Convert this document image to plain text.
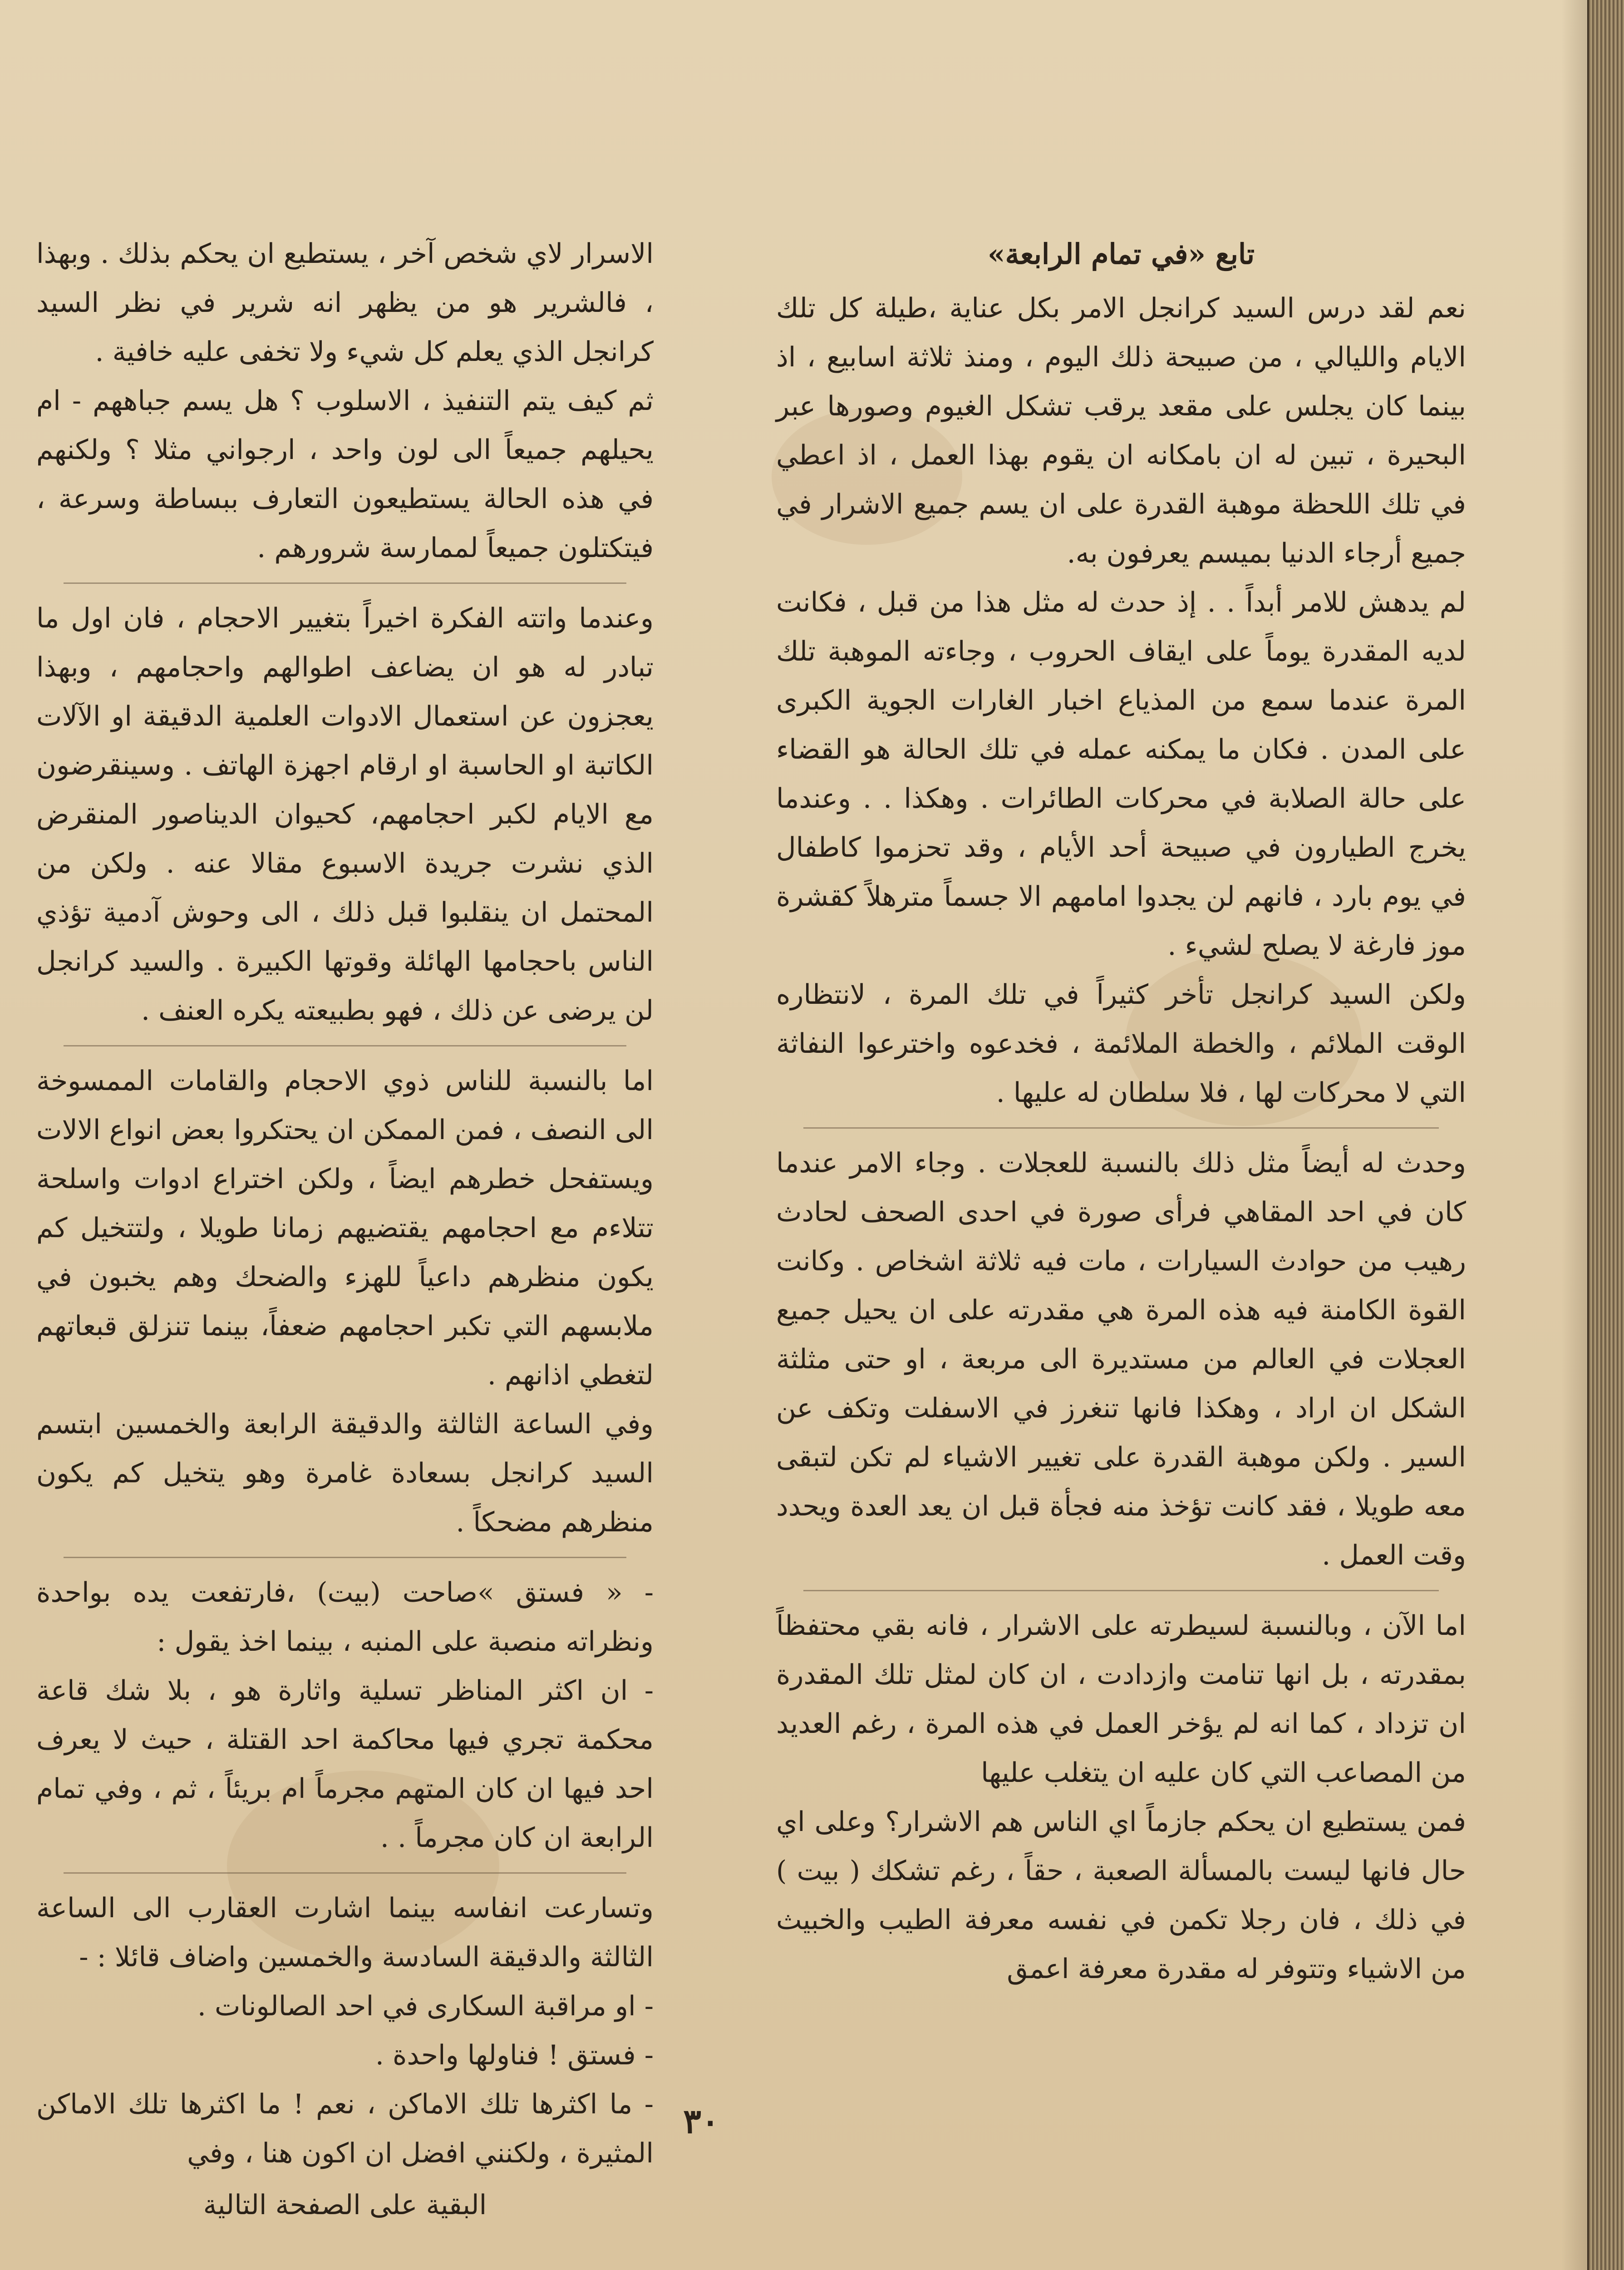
تابع «في تمام الرابعة»

نعم لقد درس السيد كرانجل الامر بكل عناية ،طيلة كل تلك الايام والليالي ، من صبيحة ذلك اليوم ، ومنذ ثلاثة اسابيع ، اذ بينما كان يجلس على مقعد يرقب تشكل الغيوم وصورها عبر البحيرة ، تبين له ان بامكانه ان يقوم بهذا العمل ، اذ اعطي في تلك اللحظة موهبة القدرة على ان يسم جميع الاشرار في جميع أرجاء الدنيا بميسم يعرفون به.

لم يدهش للامر أبداً . . إذ حدث له مثل هذا من قبل ، فكانت لديه المقدرة يوماً على ايقاف الحروب ، وجاءته الموهبة تلك المرة عندما سمع من المذياع اخبار الغارات الجوية الكبرى على المدن . فكان ما يمكنه عمله في تلك الحالة هو القضاء على حالة الصلابة في محركات الطائرات . وهكذا . . وعندما يخرج الطيارون في صبيحة أحد الأيام ، وقد تحزموا كاطفال في يوم بارد ، فانهم لن يجدوا امامهم الا جسماً مترهلاً كقشرة موز فارغة لا يصلح لشيء .

ولكن السيد كرانجل تأخر كثيراً في تلك المرة ، لانتظاره الوقت الملائم ، والخطة الملائمة ، فخدعوه واخترعوا النفاثة التي لا محركات لها ، فلا سلطان له عليها .

وحدث له أيضاً مثل ذلك بالنسبة للعجلات . وجاء الامر عندما كان في احد المقاهي فرأى صورة في احدى الصحف لحادث رهيب من حوادث السيارات ، مات فيه ثلاثة اشخاص . وكانت القوة الكامنة فيه هذه المرة هي مقدرته على ان يحيل جميع العجلات في العالم من مستديرة الى مربعة ، او حتى مثلثة الشكل ان اراد ، وهكذا فانها تنغرز في الاسفلت وتكف عن السير . ولكن موهبة القدرة على تغيير الاشياء لم تكن لتبقى معه طويلا ، فقد كانت تؤخذ منه فجأة قبل ان يعد العدة ويحدد وقت العمل .

اما الآن ، وبالنسبة لسيطرته على الاشرار ، فانه بقي محتفظاً بمقدرته ، بل انها تنامت وازدادت ، ان كان لمثل تلك المقدرة ان تزداد ، كما انه لم يؤخر العمل في هذه المرة ، رغم العديد من المصاعب التي كان عليه ان يتغلب عليها

فمن يستطيع ان يحكم جازماً اي الناس هم الاشرار؟ وعلى اي حال فانها ليست بالمسألة الصعبة ، حقاً ، رغم تشكك ( بيت ) في ذلك ، فان رجلا تكمن في نفسه معرفة الطيب والخبيث من الاشياء وتتوفر له مقدرة معرفة اعمق

الاسرار لاي شخص آخر ، يستطيع ان يحكم بذلك . وبهذا ، فالشرير هو من يظهر انه شرير في نظر السيد كرانجل الذي يعلم كل شيء ولا تخفى عليه خافية .

ثم كيف يتم التنفيذ ، الاسلوب ؟ هل يسم جباههم - ام يحيلهم جميعاً الى لون واحد ، ارجواني مثلا ؟ ولكنهم في هذه الحالة يستطيعون التعارف ببساطة وسرعة ، فيتكتلون جميعاً لممارسة شرورهم .

وعندما واتته الفكرة اخيراً بتغيير الاحجام ، فان اول ما تبادر له هو ان يضاعف اطوالهم واحجامهم ، وبهذا يعجزون عن استعمال الادوات العلمية الدقيقة او الآلات الكاتبة او الحاسبة او ارقام اجهزة الهاتف . وسينقرضون مع الايام لكبر احجامهم، كحيوان الديناصور المنقرض الذي نشرت جريدة الاسبوع مقالا عنه . ولكن من المحتمل ان ينقلبوا قبل ذلك ، الى وحوش آدمية تؤذي الناس باحجامها الهائلة وقوتها الكبيرة . والسيد كرانجل لن يرضى عن ذلك ، فهو بطبيعته يكره العنف .

اما بالنسبة للناس ذوي الاحجام والقامات الممسوخة الى النصف ، فمن الممكن ان يحتكروا بعض انواع الالات ويستفحل خطرهم ايضاً ، ولكن اختراع ادوات واسلحة تتلاءم مع احجامهم يقتضيهم زمانا طويلا ، ولتتخيل كم يكون منظرهم داعياً للهزء والضحك وهم يخبون في ملابسهم التي تكبر احجامهم ضعفاً، بينما تنزلق قبعاتهم لتغطي اذانهم .

وفي الساعة الثالثة والدقيقة الرابعة والخمسين ابتسم السيد كرانجل بسعادة غامرة وهو يتخيل كم يكون منظرهم مضحكاً .

- « فستق »صاحت (بيت) ،فارتفعت يده بواحدة ونظراته منصبة على المنبه ، بينما اخذ يقول :

- ان اكثر المناظر تسلية واثارة هو ، بلا شك قاعة محكمة تجري فيها محاكمة احد القتلة ، حيث لا يعرف احد فيها ان كان المتهم مجرماً ام بريئاً ، ثم ، وفي تمام الرابعة ان كان مجرماً . .

وتسارعت انفاسه بينما اشارت العقارب الى الساعة الثالثة والدقيقة السادسة والخمسين واضاف قائلا : -

- او مراقبة السكارى في احد الصالونات .

- فستق ! فناولها واحدة .

- ما اكثرها تلك الاماكن ، نعم ! ما اكثرها تلك الاماكن المثيرة ، ولكنني افضل ان اكون هنا ، وفي

البقية على الصفحة التالية

٣٠
